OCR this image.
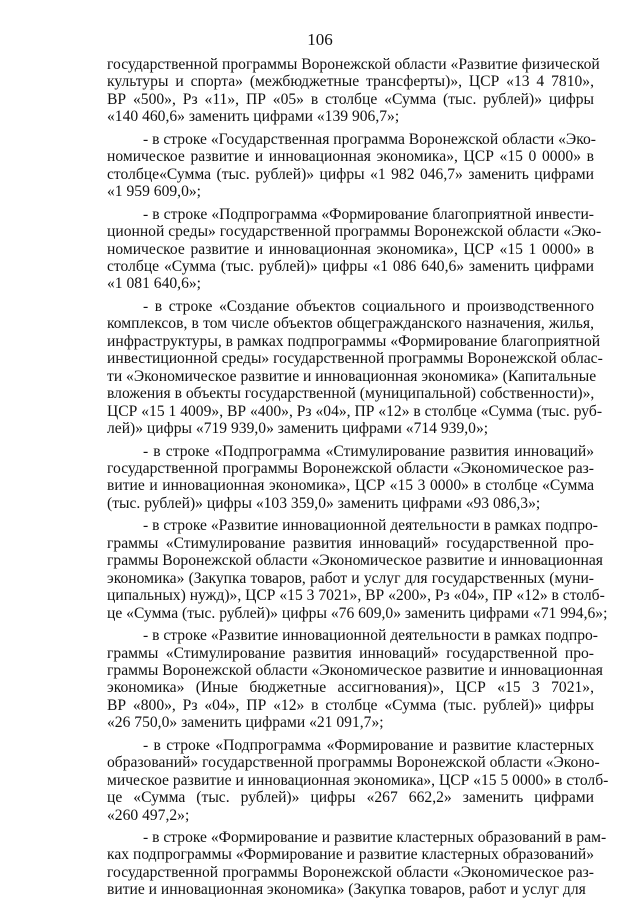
106
государственной программы Воронежской области «Развитие физической
культуры и спорта» (межбюджетные трансферты)», ЦСР «13 4 7810»,
ВР «500», Рз «11», ПР «05» в столбце «Сумма (тыс. рублей)» цифры
«140 460,6» заменить цифрами «139 906,7»;
- в строке «Государственная программа Воронежской области «Эко-
номическое развитие и инновационная экономика», ЦСР «15 0 0000» в
столбце«Сумма (тыс. рублей)» цифры «1 982 046,7» заменить цифрами
«1 959 609,0»;
- в строке «Подпрограмма «Формирование благоприятной инвести-
ционной среды» государственной программы Воронежской области «Эко-
номическое развитие и инновационная экономика», ЦСР «15 1 0000» в
столбце «Сумма (тыс. рублей)» цифры «1 086 640,6» заменить цифрами
«1 081 640,6»;
- в строке «Создание объектов социального и производственного
комплексов, в том числе объектов общегражданского назначения, жилья,
инфраструктуры, в рамках подпрограммы «Формирование благоприятной
инвестиционной среды» государственной программы Воронежской облас-
ти «Экономическое развитие и инновационная экономика» (Капитальные
вложения в объекты государственной (муниципальной) собственности)»,
ЦСР «15 1 4009», ВР «400», Рз «04», ПР «12» в столбце «Сумма (тыс. руб-
лей)» цифры «719 939,0» заменить цифрами «714 939,0»;
- в строке «Подпрограмма «Стимулирование развития инноваций»
государственной программы Воронежской области «Экономическое раз-
витие и инновационная экономика», ЦСР «15 3 0000» в столбце «Сумма
(тыс. рублей)» цифры «103 359,0» заменить цифрами «93 086,3»;
- в строке «Развитие инновационной деятельности в рамках подпро-
граммы «Стимулирование развития инноваций» государственной про-
граммы Воронежской области «Экономическое развитие и инновационная
экономика» (Закупка товаров, работ и услуг для государственных (муни-
ципальных) нужд)», ЦСР «15 3 7021», ВР «200», Рз «04», ПР «12» в столб-
це «Сумма (тыс. рублей)» цифры «76 609,0» заменить цифрами «71 994,6»;
- в строке «Развитие инновационной деятельности в рамках подпро-
граммы «Стимулирование развития инноваций» государственной про-
граммы Воронежской области «Экономическое развитие и инновационная
экономика» (Иные бюджетные ассигнования)», ЦСР «15 3 7021»,
ВР «800», Рз «04», ПР «12» в столбце «Сумма (тыс. рублей)» цифры
«26 750,0» заменить цифрами «21 091,7»;
- в строке «Подпрограмма «Формирование и развитие кластерных
образований» государственной программы Воронежской области «Эконо-
мическое развитие и инновационная экономика», ЦСР «15 5 0000» в столб-
це «Сумма (тыс. рублей)» цифры «267 662,2» заменить цифрами
«260 497,2»;
- в строке «Формирование и развитие кластерных образований в рам-
ках подпрограммы «Формирование и развитие кластерных образований»
государственной программы Воронежской области «Экономическое раз-
витие и инновационная экономика» (Закупка товаров, работ и услуг для
